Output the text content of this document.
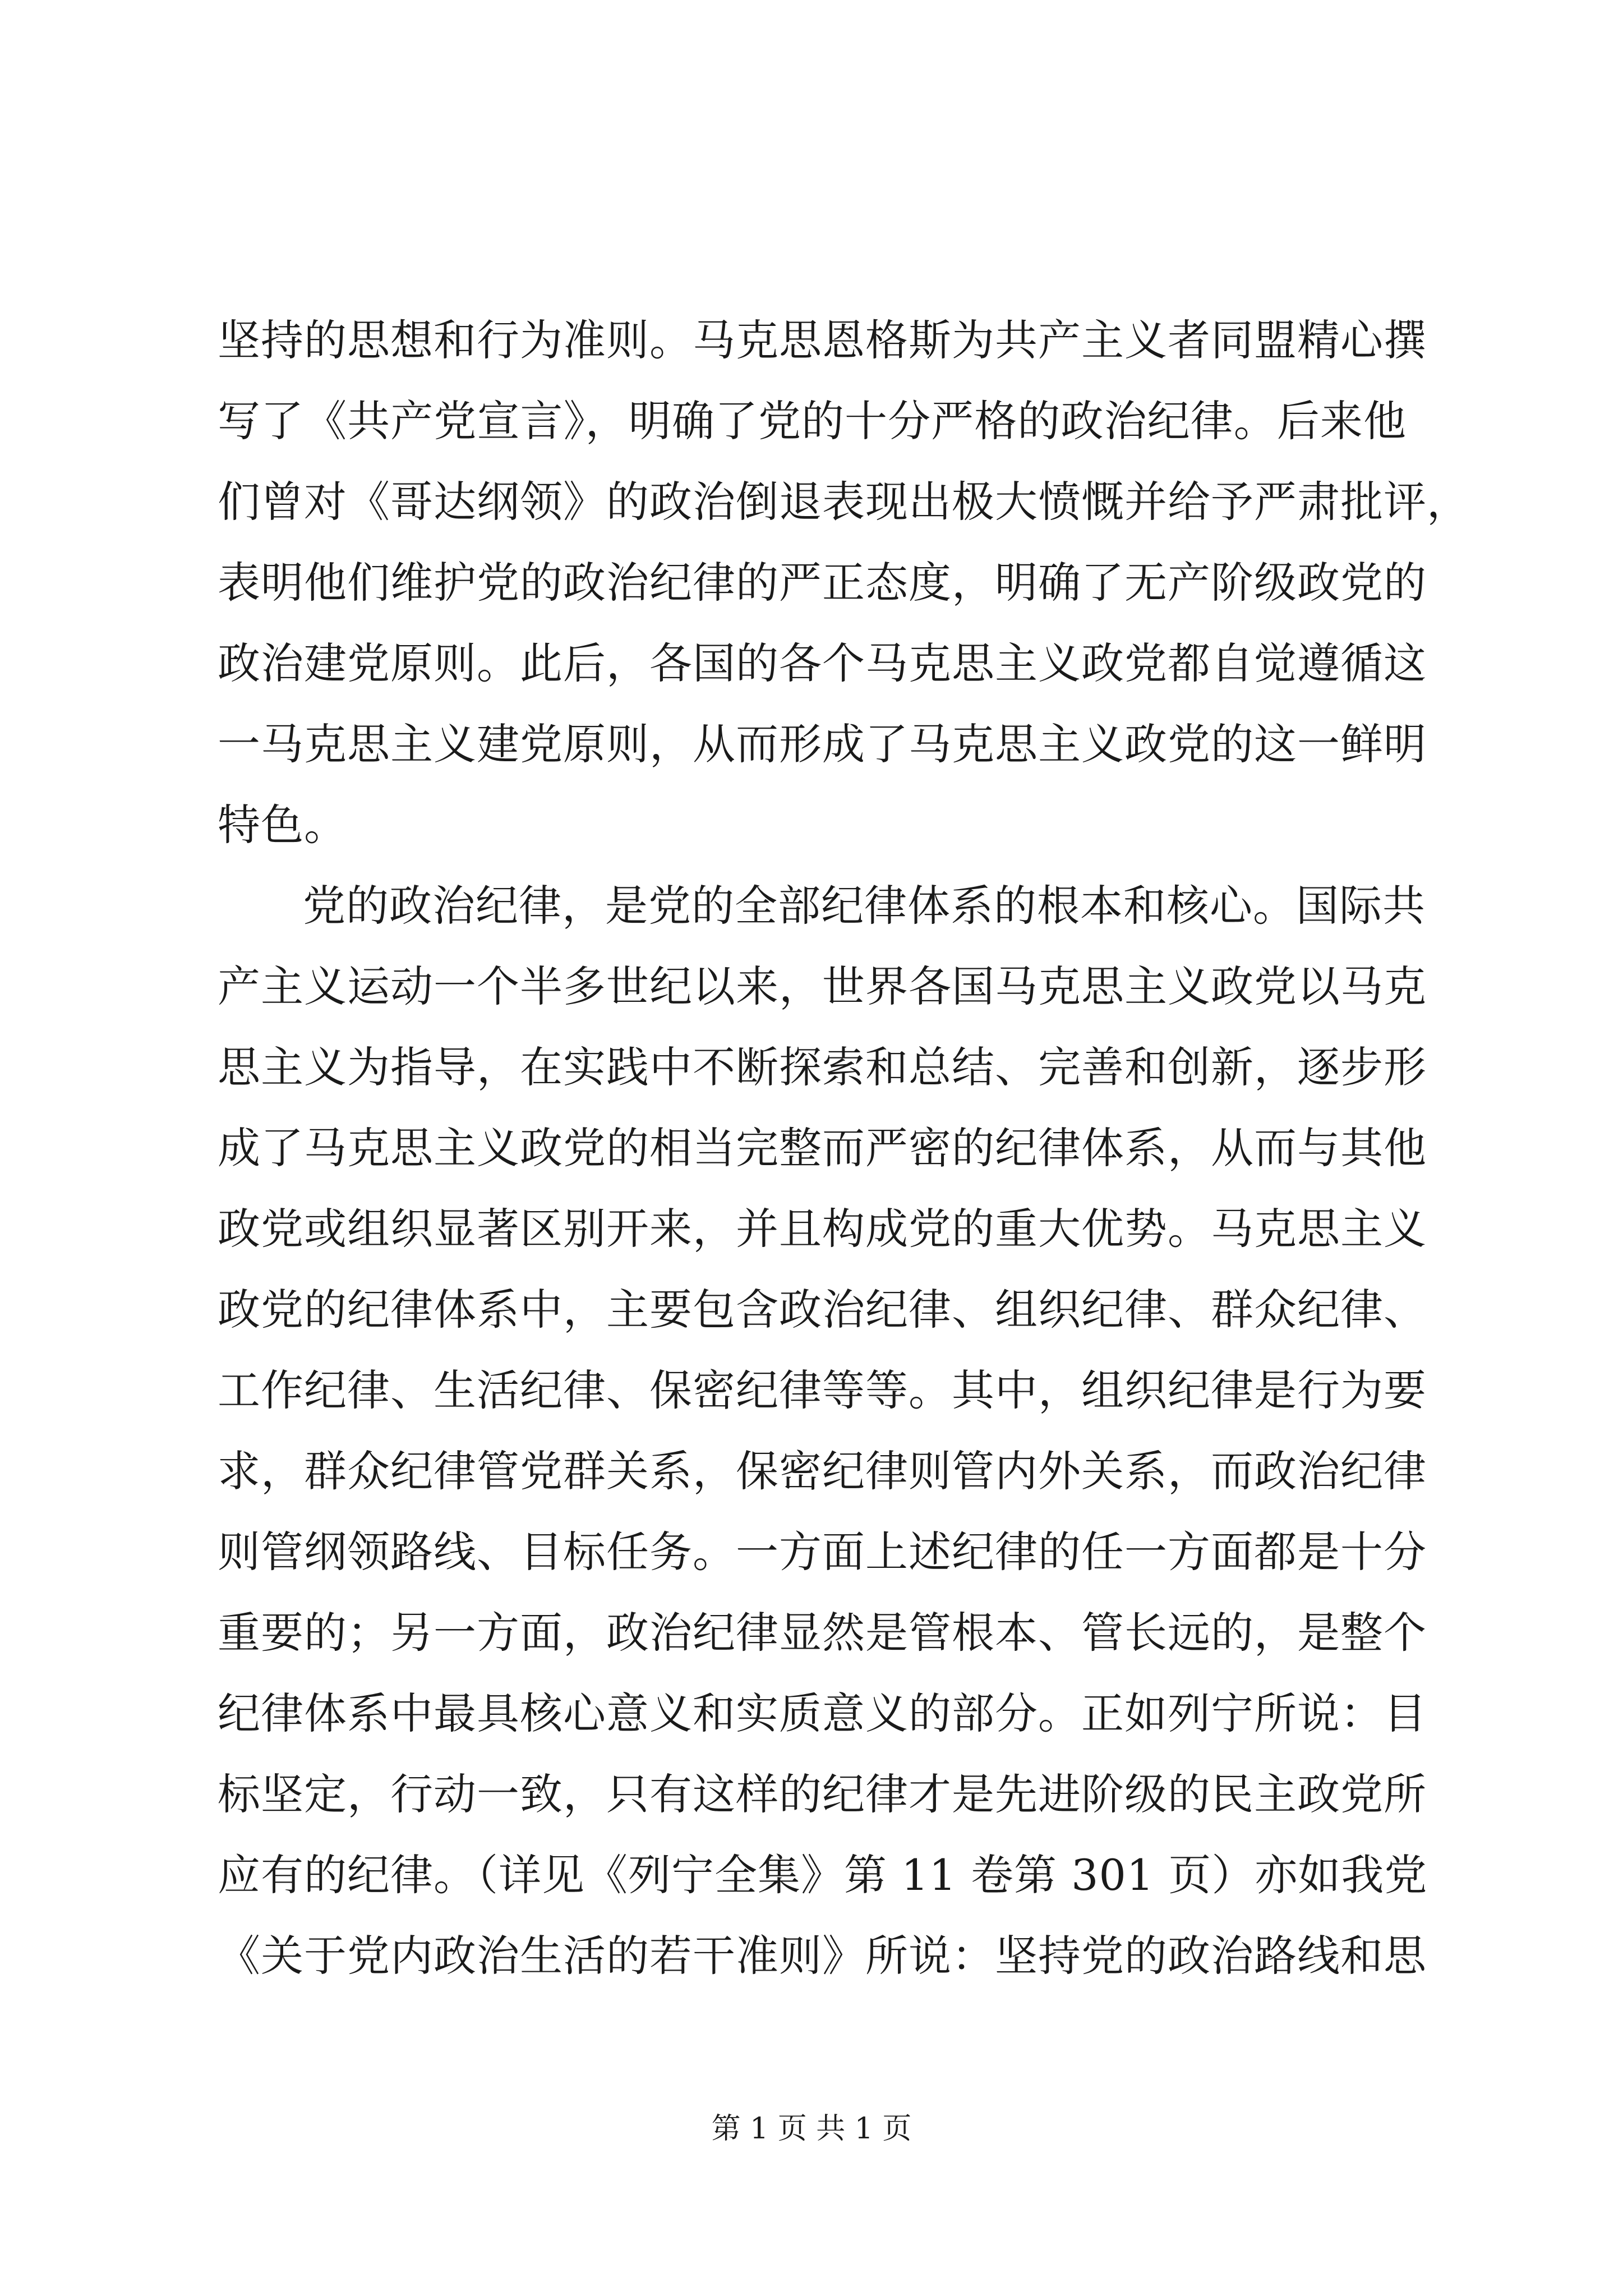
坚持的思想和行为准则。马克思恩格斯为共产主义者同盟精心撰
写了《共产党宣言》，明确了党的十分严格的政治纪律。后来他
们曾对《哥达纲领》的政治倒退表现出极大愤慨并给予严肃批评，
表明他们维护党的政治纪律的严正态度，明确了无产阶级政党的
政治建党原则。此后，各国的各个马克思主义政党都自觉遵循这
一马克思主义建党原则，从而形成了马克思主义政党的这一鲜明
特色。
党的政治纪律，是党的全部纪律体系的根本和核心。国际共
产主义运动一个半多世纪以来，世界各国马克思主义政党以马克
思主义为指导，在实践中不断探索和总结、完善和创新，逐步形
成了马克思主义政党的相当完整而严密的纪律体系，从而与其他
政党或组织显著区别开来，并且构成党的重大优势。马克思主义
政党的纪律体系中，主要包含政治纪律、组织纪律、群众纪律、
工作纪律、生活纪律、保密纪律等等。其中，组织纪律是行为要
求，群众纪律管党群关系，保密纪律则管内外关系，而政治纪律
则管纲领路线、目标任务。一方面上述纪律的任一方面都是十分
重要的；另一方面，政治纪律显然是管根本、管长远的，是整个
纪律体系中最具核心意义和实质意义的部分。正如列宁所说：目
标坚定，行动一致，只有这样的纪律才是先进阶级的民主政党所
应有的纪律。（详见《列宁全集》第 11 卷第 301 页）亦如我党
《关于党内政治生活的若干准则》所说：坚持党的政治路线和思
第 1 页 共 1 页
